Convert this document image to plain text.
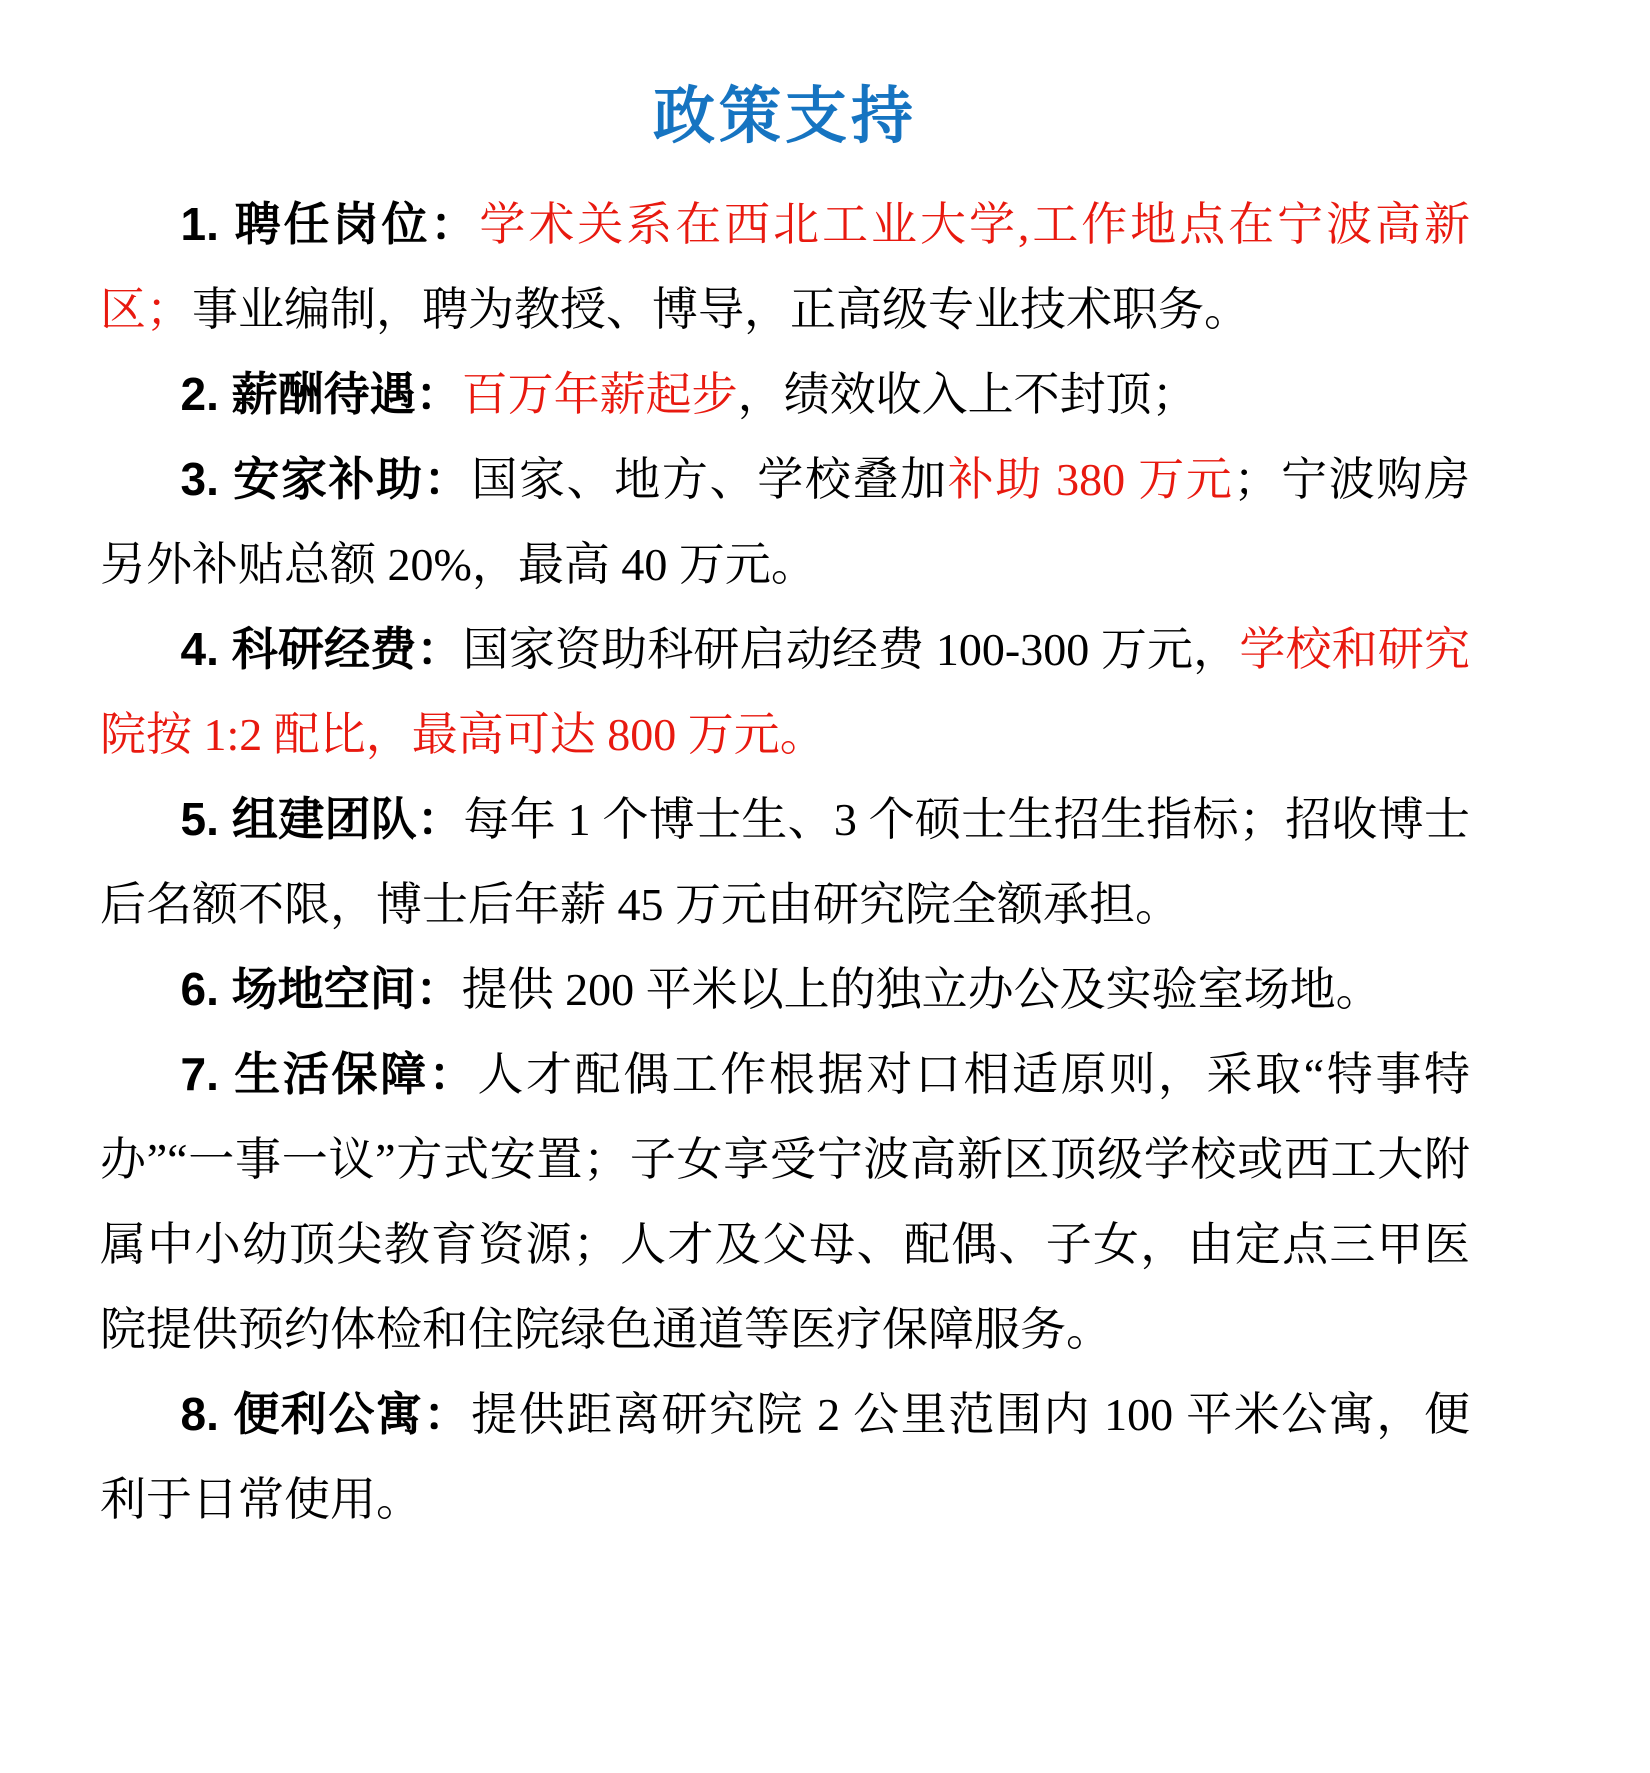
政策支持

1. 聘任岗位：学术关系在西北工业大学,工作地点在宁波高新区；事业编制，聘为教授、博导，正高级专业技术职务。

2. 薪酬待遇：百万年薪起步，绩效收入上不封顶；

3. 安家补助：国家、地方、学校叠加补助 380 万元；宁波购房另外补贴总额 20%，最高 40 万元。

4. 科研经费：国家资助科研启动经费 100-300 万元，学校和研究院按 1:2 配比，最高可达 800 万元。

5. 组建团队：每年 1 个博士生、3 个硕士生招生指标；招收博士后名额不限，博士后年薪 45 万元由研究院全额承担。

6. 场地空间：提供 200 平米以上的独立办公及实验室场地。

7. 生活保障：人才配偶工作根据对口相适原则，采取“特事特办”“一事一议”方式安置；子女享受宁波高新区顶级学校或西工大附属中小幼顶尖教育资源；人才及父母、配偶、子女，由定点三甲医院提供预约体检和住院绿色通道等医疗保障服务。

8. 便利公寓：提供距离研究院 2 公里范围内 100 平米公寓，便利于日常使用。
